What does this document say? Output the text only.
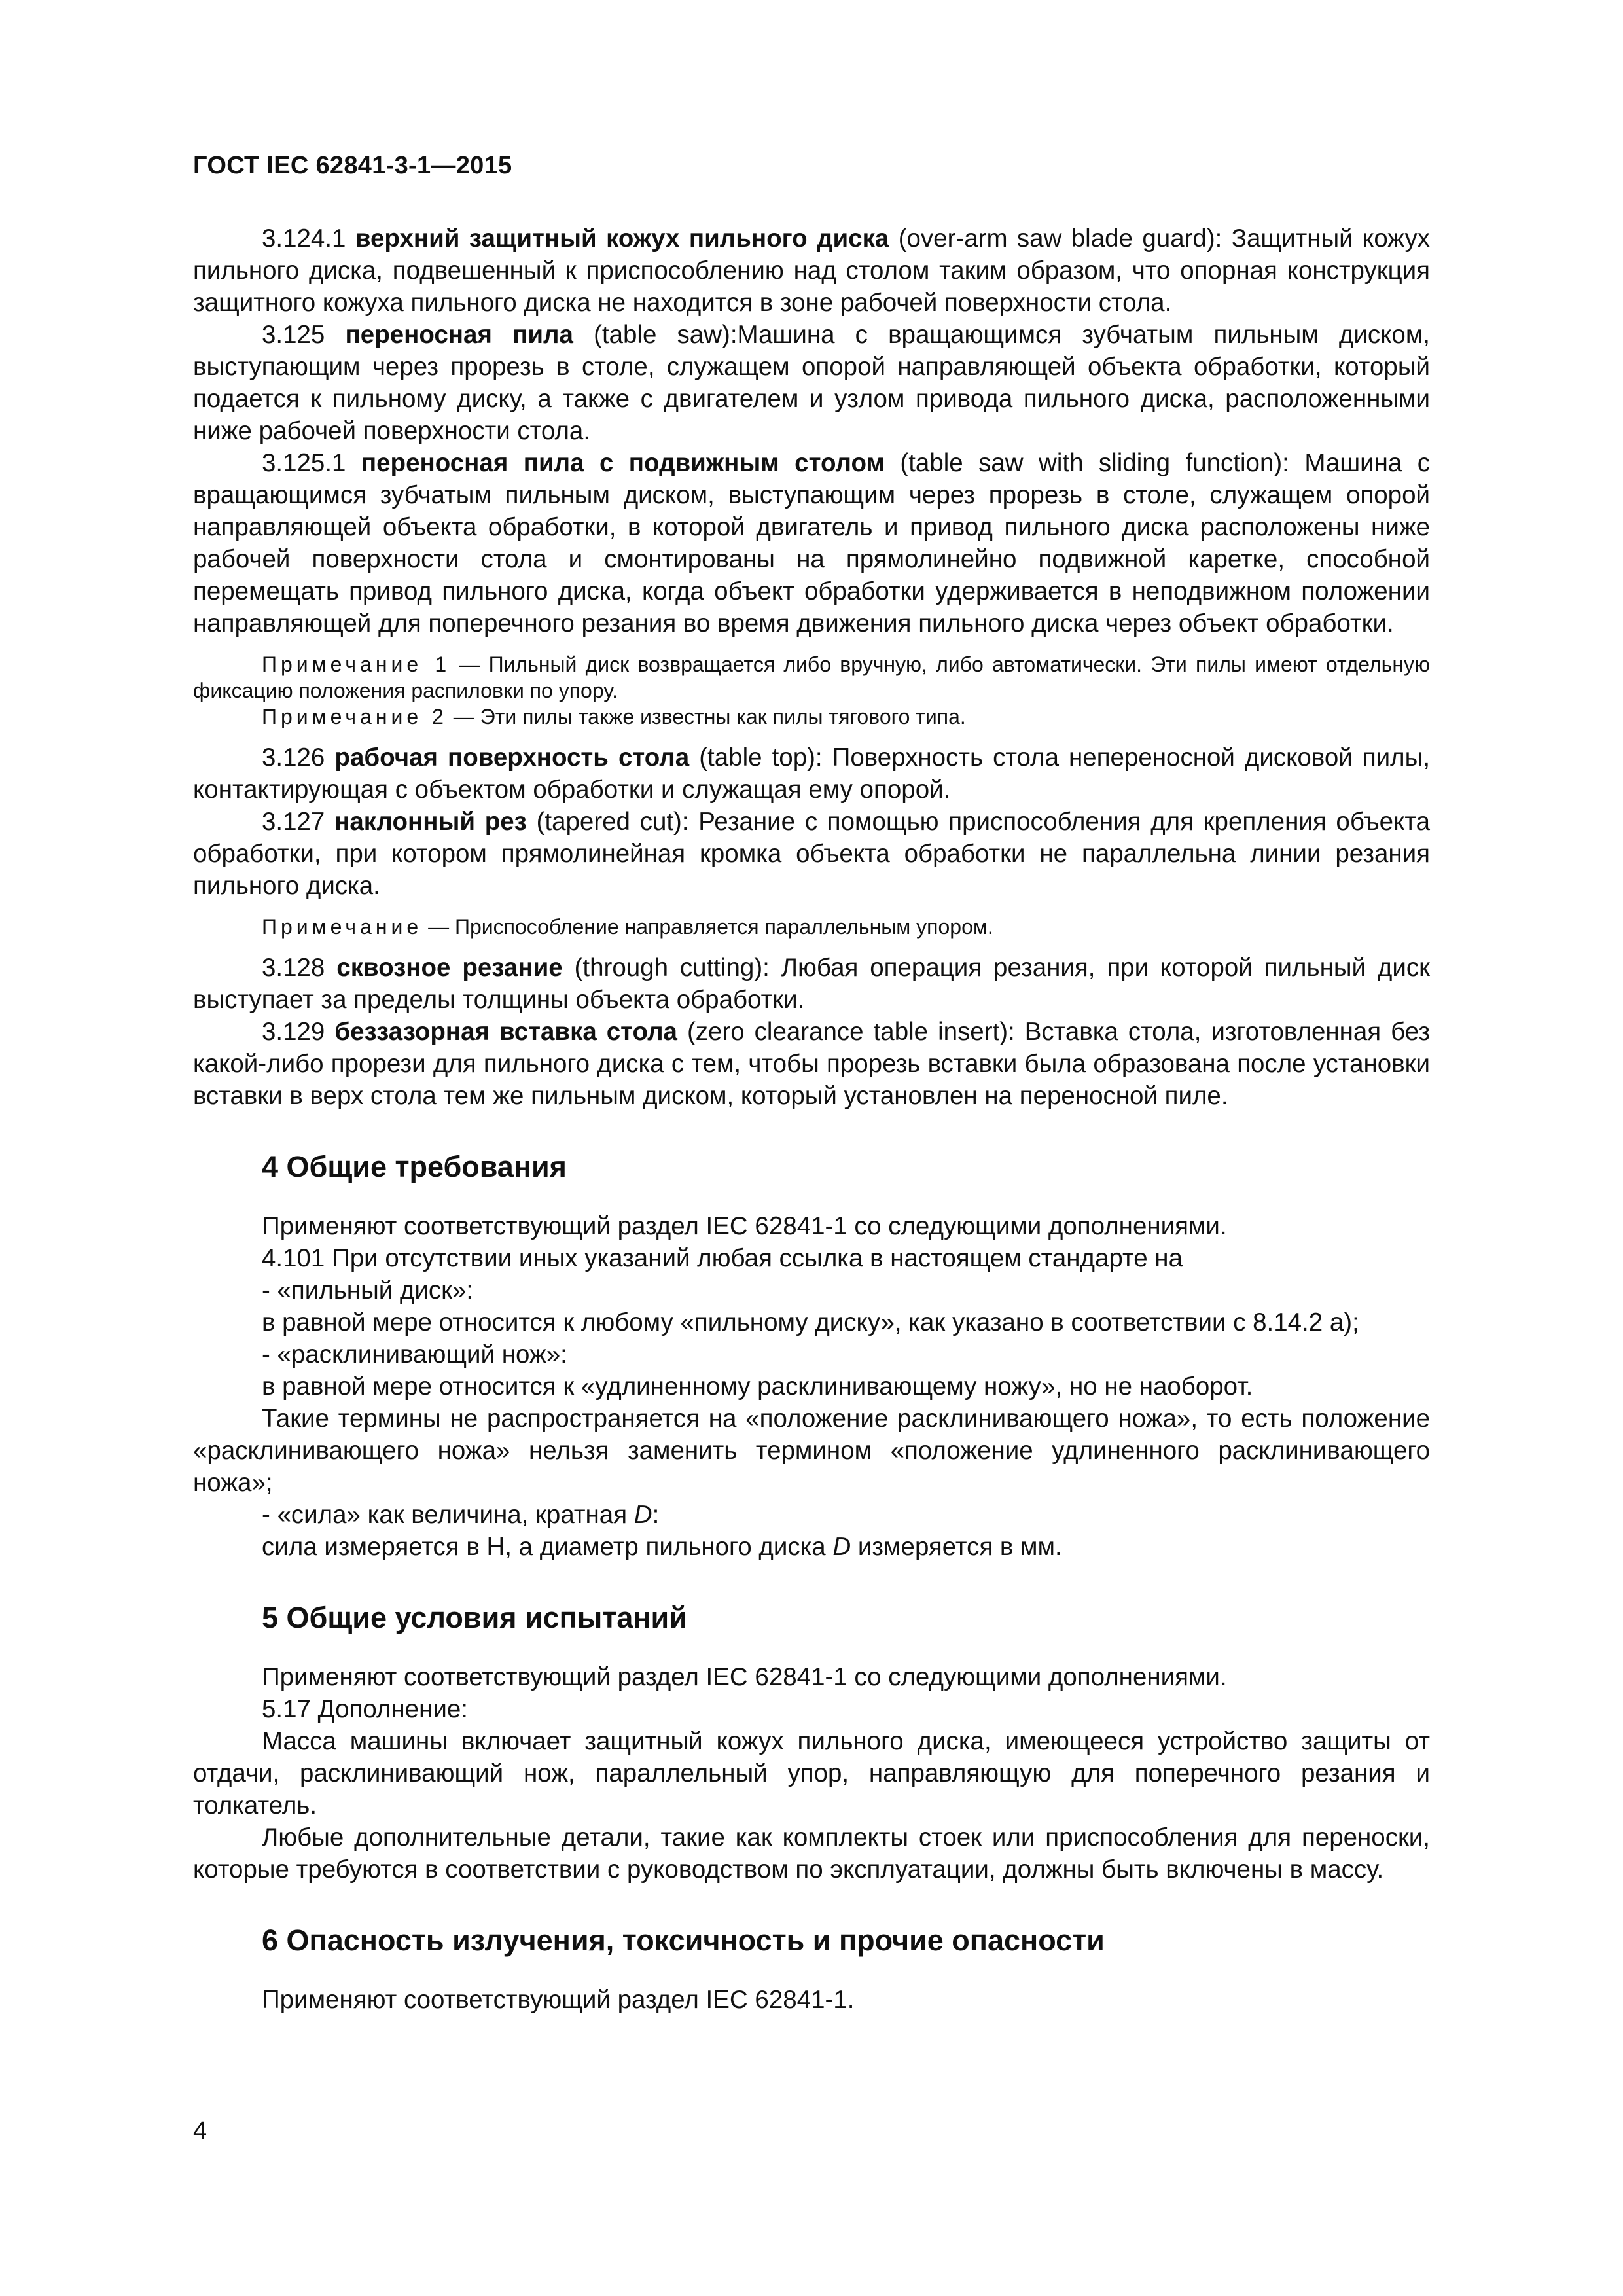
ГОСТ IEC 62841-3-1—2015

3.124.1 верхний защитный кожух пильного диска (over-arm saw blade guard): Защитный кожух пильного диска, подвешенный к приспособлению над столом таким образом, что опорная конструкция защитного кожуха пильного диска не находится в зоне рабочей поверхности стола.

3.125 переносная пила (table saw):Машина с вращающимся зубчатым пильным диском, выступающим через прорезь в столе, служащем опорой направляющей объекта обработки, который подается к пильному диску, а также с двигателем и узлом привода пильного диска, расположенными ниже рабочей поверхности стола.

3.125.1 переносная пила с подвижным столом (table saw with sliding function): Машина с вращающимся зубчатым пильным диском, выступающим через прорезь в столе, служащем опорой направляющей объекта обработки, в которой двигатель и привод пильного диска расположены ниже рабочей поверхности стола и смонтированы на прямолинейно подвижной каретке, способной перемещать привод пильного диска, когда объект обработки удерживается в неподвижном положении направляющей для поперечного резания во время движения пильного диска через объект обработки.

Примечание 1 — Пильный диск возвращается либо вручную, либо автоматически. Эти пилы имеют отдельную фиксацию положения распиловки по упору.

Примечание 2 — Эти пилы также известны как пилы тягового типа.

3.126 рабочая поверхность стола (table top): Поверхность стола непереносной дисковой пилы, контактирующая с объектом обработки и служащая ему опорой.

3.127 наклонный рез (tapered cut): Резание с помощью приспособления для крепления объекта обработки, при котором прямолинейная кромка объекта обработки не параллельна линии резания пильного диска.

Примечание — Приспособление направляется параллельным упором.

3.128 сквозное резание (through cutting): Любая операция резания, при которой пильный диск выступает за пределы толщины объекта обработки.

3.129 беззазорная вставка стола (zero clearance table insert): Вставка стола, изготовленная без какой-либо прорези для пильного диска с тем, чтобы прорезь вставки была образована после установки вставки в верх стола тем же пильным диском, который установлен на переносной пиле.

4 Общие требования

Применяют соответствующий раздел IEC 62841-1 со следующими дополнениями.

4.101 При отсутствии иных указаний любая ссылка в настоящем стандарте на

- «пильный диск»:

в равной мере относится к любому «пильному диску», как указано в соответствии с 8.14.2 а);

- «расклинивающий нож»:

в равной мере относится к «удлиненному расклинивающему ножу», но не наоборот.

Такие термины не распространяется на «положение расклинивающего ножа», то есть положение «расклинивающего ножа» нельзя заменить термином «положение удлиненного расклинивающего ножа»;

- «сила» как величина, кратная D:

сила измеряется в Н, а диаметр пильного диска D измеряется в мм.

5 Общие условия испытаний

Применяют соответствующий раздел IEC 62841-1 со следующими дополнениями.

5.17 Дополнение:

Масса машины включает защитный кожух пильного диска, имеющееся устройство защиты от отдачи, расклинивающий нож, параллельный упор, направляющую для поперечного резания и толкатель.

Любые дополнительные детали, такие как комплекты стоек или приспособления для переноски, которые требуются в соответствии с руководством по эксплуатации, должны быть включены в массу.

6 Опасность излучения, токсичность и прочие опасности

Применяют соответствующий раздел IEC 62841-1.

4
